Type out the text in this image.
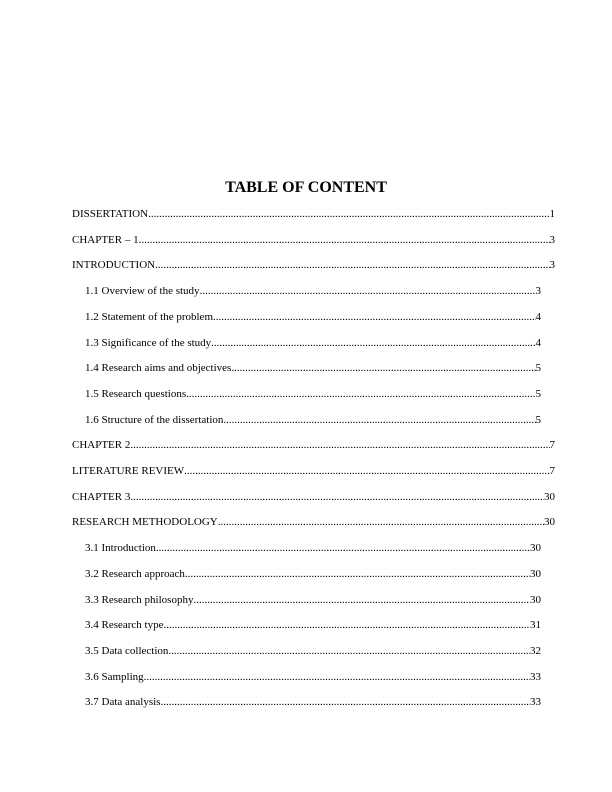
TABLE OF CONTENT
DISSERTATION .....	1
CHAPTER – 1 .....	3
INTRODUCTION .....	3
1.1 Overview of the study .....	3
1.2 Statement of the problem .....	4
1.3 Significance of the study .....	4
1.4 Research aims and objectives .....	5
1.5 Research questions .....	5
1.6 Structure of the dissertation .....	5
CHAPTER 2 .....	7
LITERATURE REVIEW .....	7
CHAPTER 3 .....	30
RESEARCH METHODOLOGY .....	30
3.1 Introduction .....	30
3.2 Research approach .....	30
3.3 Research philosophy .....	30
3.4 Research type .....	31
3.5 Data collection .....	32
3.6 Sampling .....	33
3.7 Data analysis .....	33
